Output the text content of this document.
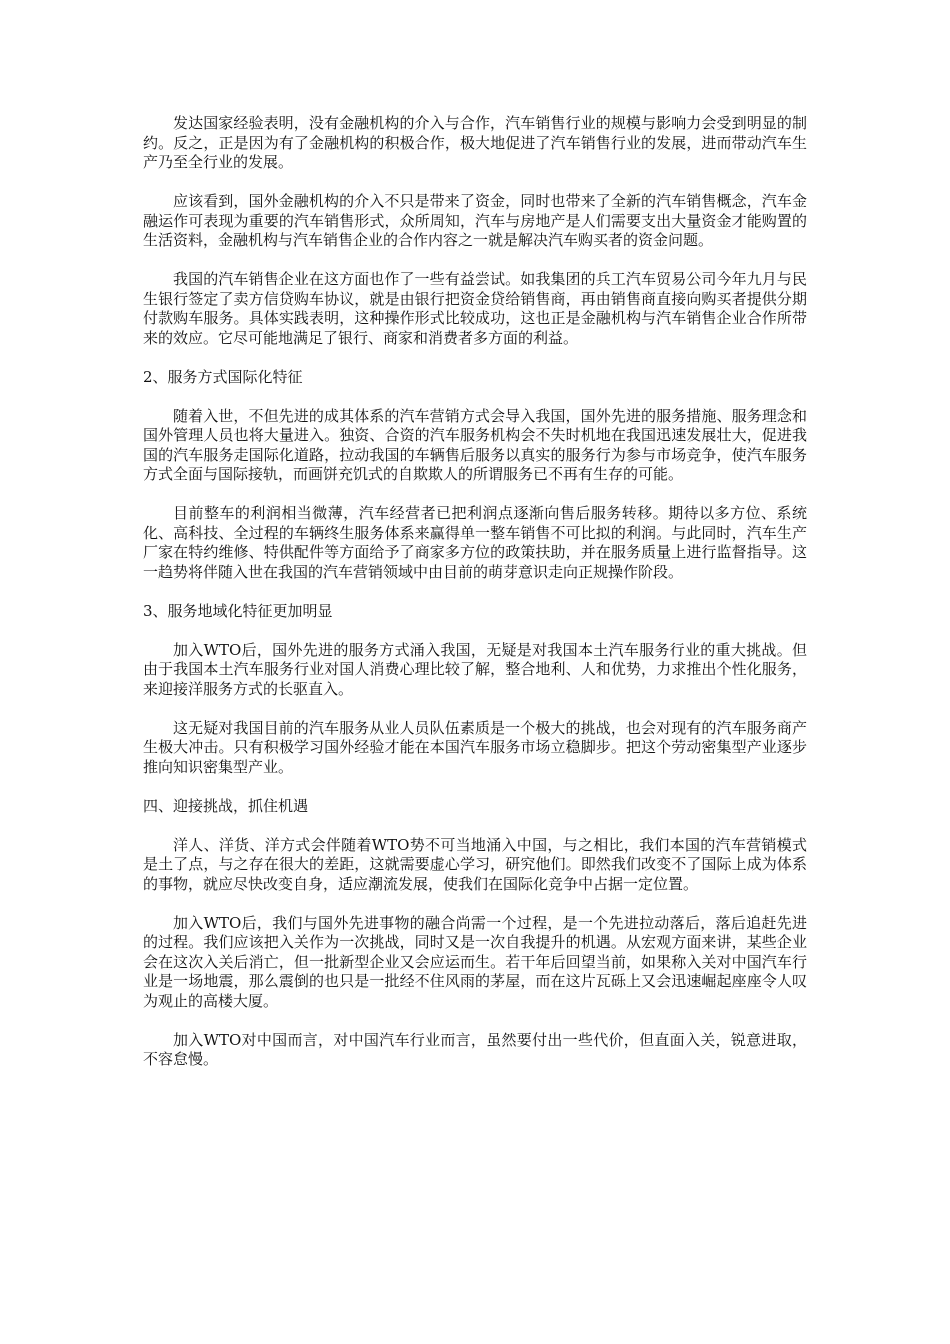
发达国家经验表明，没有金融机构的介入与合作，汽车销售行业的规模与影响力会受到明显的制约。反之，正是因为有了金融机构的积极合作，极大地促进了汽车销售行业的发展，进而带动汽车生产乃至全行业的发展。

应该看到，国外金融机构的介入不只是带来了资金，同时也带来了全新的汽车销售概念，汽车金融运作可表现为重要的汽车销售形式，众所周知，汽车与房地产是人们需要支出大量资金才能购置的生活资料，金融机构与汽车销售企业的合作内容之一就是解决汽车购买者的资金问题。

我国的汽车销售企业在这方面也作了一些有益尝试。如我集团的兵工汽车贸易公司今年九月与民生银行签定了卖方信贷购车协议，就是由银行把资金贷给销售商，再由销售商直接向购买者提供分期付款购车服务。具体实践表明，这种操作形式比较成功，这也正是金融机构与汽车销售企业合作所带来的效应。它尽可能地满足了银行、商家和消费者多方面的利益。

2、服务方式国际化特征

随着入世，不但先进的成其体系的汽车营销方式会导入我国，国外先进的服务措施、服务理念和国外管理人员也将大量进入。独资、合资的汽车服务机构会不失时机地在我国迅速发展壮大，促进我国的汽车服务走国际化道路，拉动我国的车辆售后服务以真实的服务行为参与市场竞争，使汽车服务方式全面与国际接轨，而画饼充饥式的自欺欺人的所谓服务已不再有生存的可能。

目前整车的利润相当微薄，汽车经营者已把利润点逐渐向售后服务转移。期待以多方位、系统化、高科技、全过程的车辆终生服务体系来赢得单一整车销售不可比拟的利润。与此同时，汽车生产厂家在特约维修、特供配件等方面给予了商家多方位的政策扶助，并在服务质量上进行监督指导。这一趋势将伴随入世在我国的汽车营销领域中由目前的萌芽意识走向正规操作阶段。

3、服务地域化特征更加明显

加入WTO后，国外先进的服务方式涌入我国，无疑是对我国本土汽车服务行业的重大挑战。但由于我国本土汽车服务行业对国人消费心理比较了解，整合地利、人和优势，力求推出个性化服务，来迎接洋服务方式的长驱直入。

这无疑对我国目前的汽车服务从业人员队伍素质是一个极大的挑战，也会对现有的汽车服务商产生极大冲击。只有积极学习国外经验才能在本国汽车服务市场立稳脚步。把这个劳动密集型产业逐步推向知识密集型产业。

四、迎接挑战，抓住机遇

洋人、洋货、洋方式会伴随着WTO势不可当地涌入中国，与之相比，我们本国的汽车营销模式是土了点，与之存在很大的差距，这就需要虚心学习，研究他们。即然我们改变不了国际上成为体系的事物，就应尽快改变自身，适应潮流发展，使我们在国际化竞争中占据一定位置。

加入WTO后，我们与国外先进事物的融合尚需一个过程，是一个先进拉动落后，落后追赶先进的过程。我们应该把入关作为一次挑战，同时又是一次自我提升的机遇。从宏观方面来讲，某些企业会在这次入关后消亡，但一批新型企业又会应运而生。若干年后回望当前，如果称入关对中国汽车行业是一场地震，那么震倒的也只是一批经不住风雨的茅屋，而在这片瓦砾上又会迅速崛起座座令人叹为观止的高楼大厦。

加入WTO对中国而言，对中国汽车行业而言，虽然要付出一些代价，但直面入关，锐意进取，不容怠慢。
